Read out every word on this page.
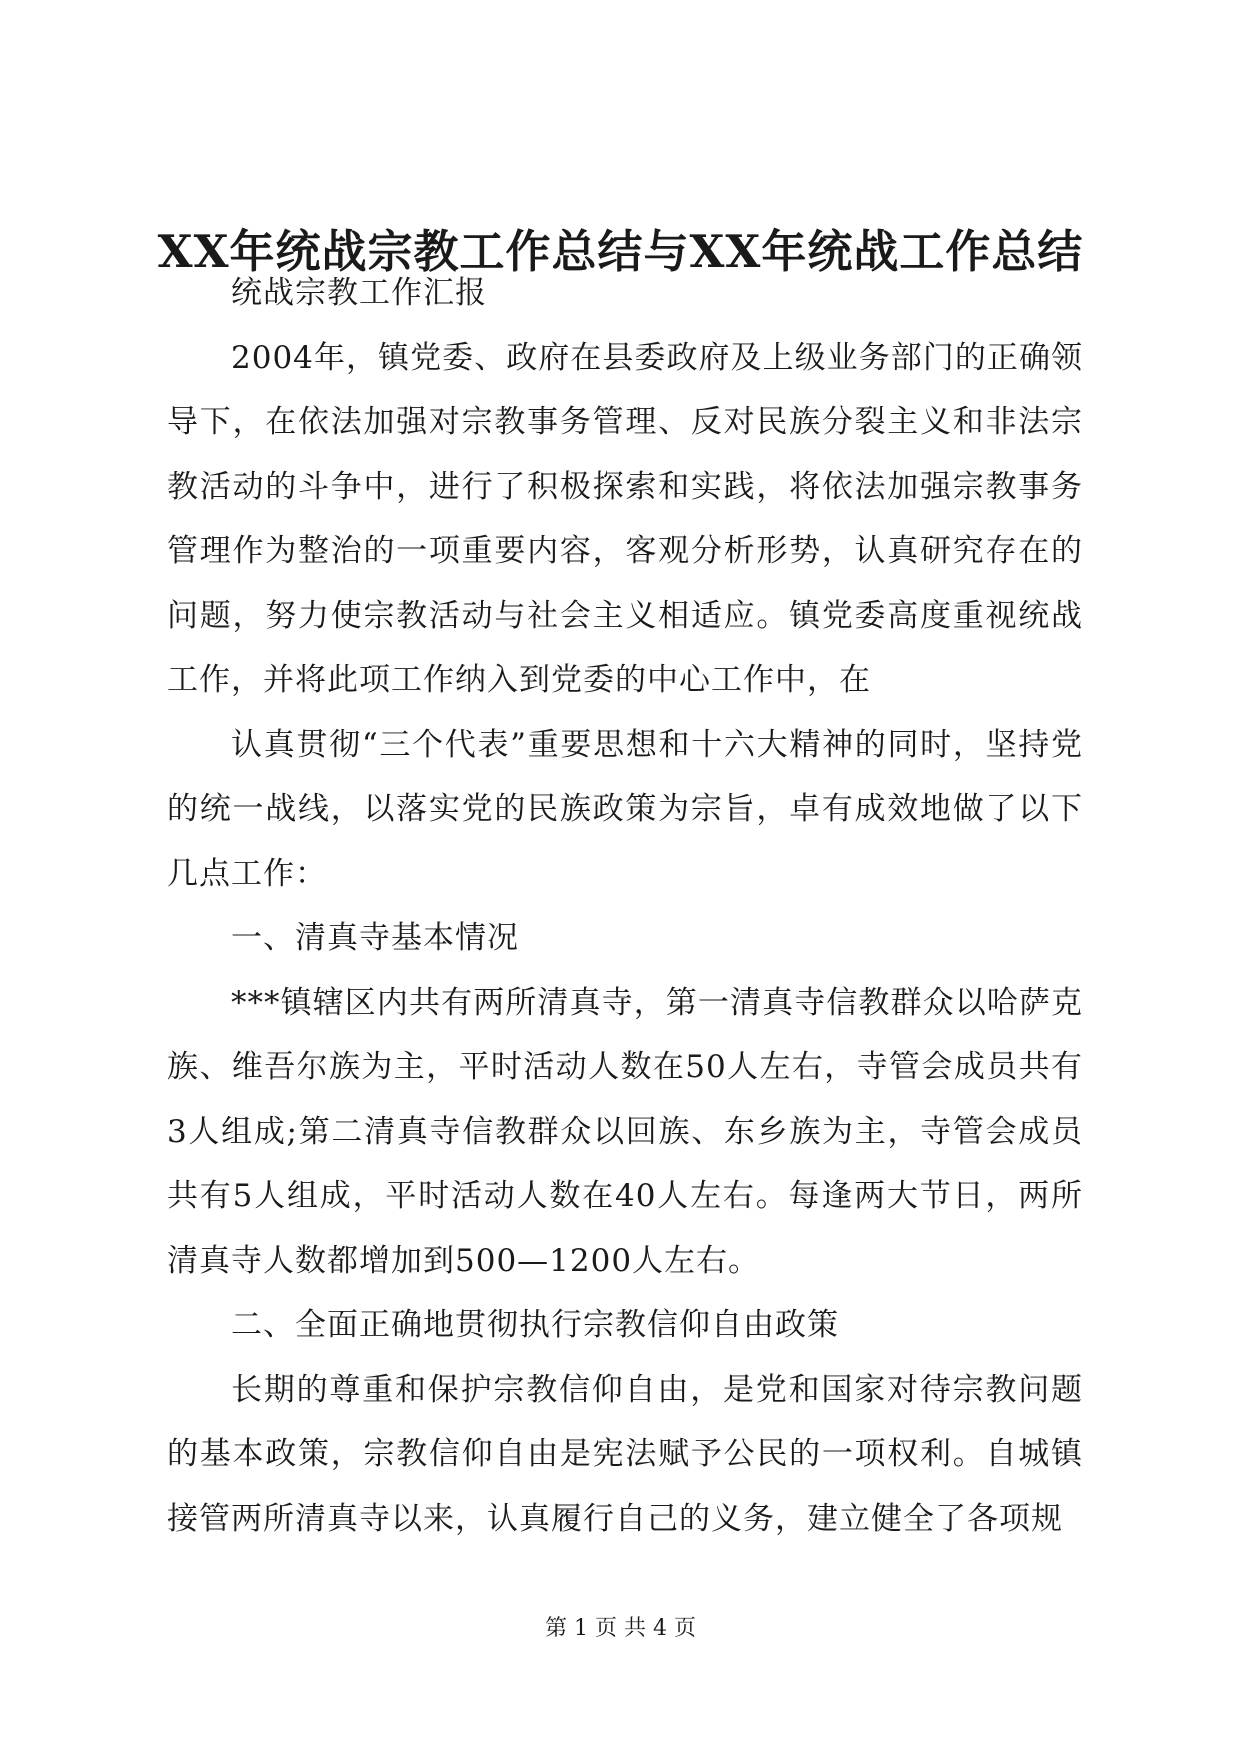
XX年统战宗教工作总结与XX年统战工作总结

统战宗教工作汇报

2004年，镇党委、政府在县委政府及上级业务部门的正确领导下，在依法加强对宗教事务管理、反对民族分裂主义和非法宗教活动的斗争中，进行了积极探索和实践，将依法加强宗教事务管理作为整治的一项重要内容，客观分析形势，认真研究存在的问题，努力使宗教活动与社会主义相适应。镇党委高度重视统战工作，并将此项工作纳入到党委的中心工作中，在

认真贯彻“三个代表”重要思想和十六大精神的同时，坚持党的统一战线，以落实党的民族政策为宗旨，卓有成效地做了以下几点工作：

一、清真寺基本情况

***镇辖区内共有两所清真寺，第一清真寺信教群众以哈萨克族、维吾尔族为主，平时活动人数在50人左右，寺管会成员共有3人组成;第二清真寺信教群众以回族、东乡族为主，寺管会成员共有5人组成，平时活动人数在40人左右。每逢两大节日，两所清真寺人数都增加到500—1200人左右。

二、全面正确地贯彻执行宗教信仰自由政策

长期的尊重和保护宗教信仰自由，是党和国家对待宗教问题的基本政策，宗教信仰自由是宪法赋予公民的一项权利。自城镇接管两所清真寺以来，认真履行自己的义务，建立健全了各项规

第 1 页 共 4 页
